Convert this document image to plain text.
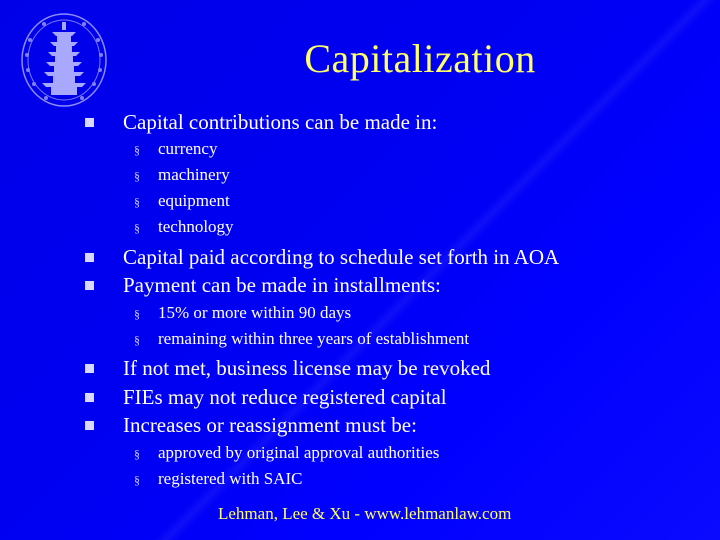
Capitalization
Capital contributions can be made in:
§ currency
§ machinery
§ equipment
§ technology
Capital paid according to schedule set forth in AOA
Payment can be made in installments:
§ 15% or more within 90 days
§ remaining within three years of establishment
If not met, business license may be revoked
FIEs may not reduce registered capital
Increases or reassignment must be:
§ approved by original approval authorities
§ registered with SAIC
Lehman, Lee & Xu - www.lehmanlaw.com
